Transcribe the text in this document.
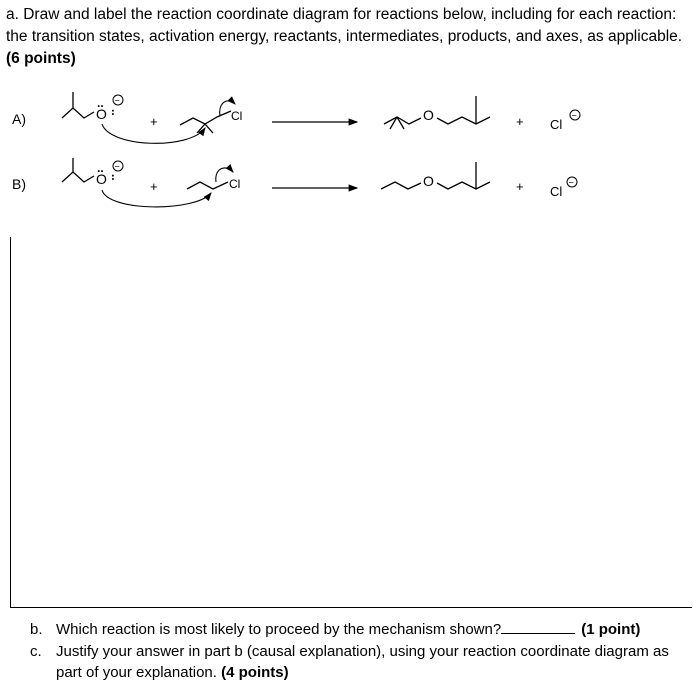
a. Draw and label the reaction coordinate diagram for reactions below, including for each reaction: the transition states, activation energy, reactants, intermediates, products, and axes, as applicable. (6 points)
A)	O
..
..
−
+	Cl	O	+ Cl
−
B)	O
..
..
−
+	Cl	O	+ Cl
−
b. Which reaction is most likely to proceed by the mechanism shown?	(1 point)
c. Justify your answer in part b (causal explanation), using your reaction coordinate diagram as part of your explanation. (4 points)
